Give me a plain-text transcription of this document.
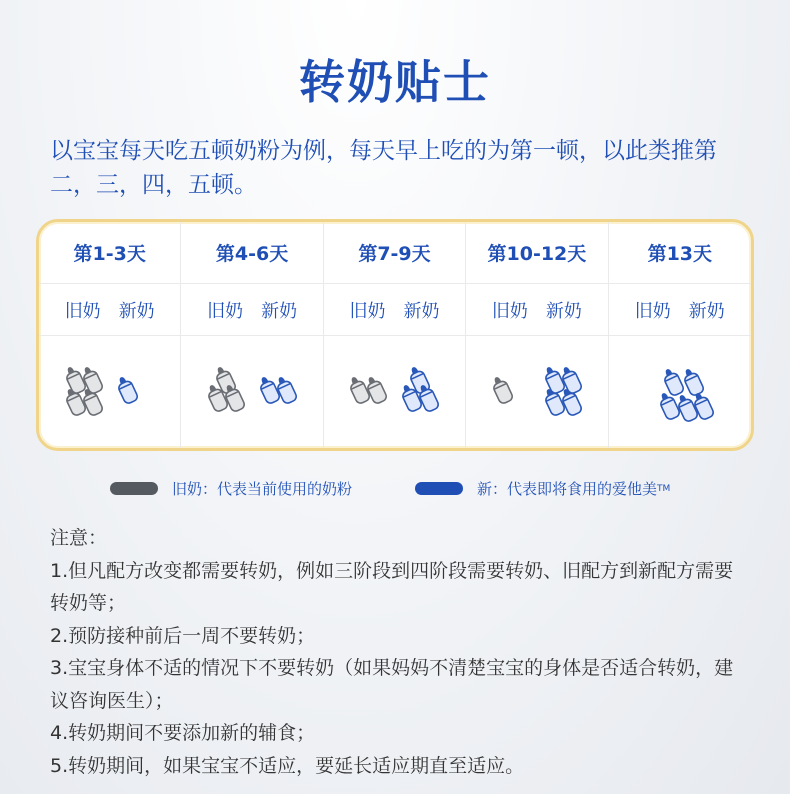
转奶贴士
以宝宝每天吃五顿奶粉为例，每天早上吃的为第一顿，以此类推第二，三，四，五顿。
第1-3天	第4-6天	第7-9天	第10-12天	第13天
旧奶 新奶	旧奶 新奶	旧奶 新奶	旧奶 新奶	旧奶 新奶
旧奶：代表当前使用的奶粉	新：代表即将食用的爱他美 TM

注意：

1.但凡配方改变都需要转奶，例如三阶段到四阶段需要转奶、旧配方到新配方需要转奶等；

2.预防接种前后一周不要转奶；

3.宝宝身体不适的情况下不要转奶（如果妈妈不清楚宝宝的身体是否适合转奶，建议咨询医生）；

4.转奶期间不要添加新的辅食；

5.转奶期间，如果宝宝不适应，要延长适应期直至适应。
